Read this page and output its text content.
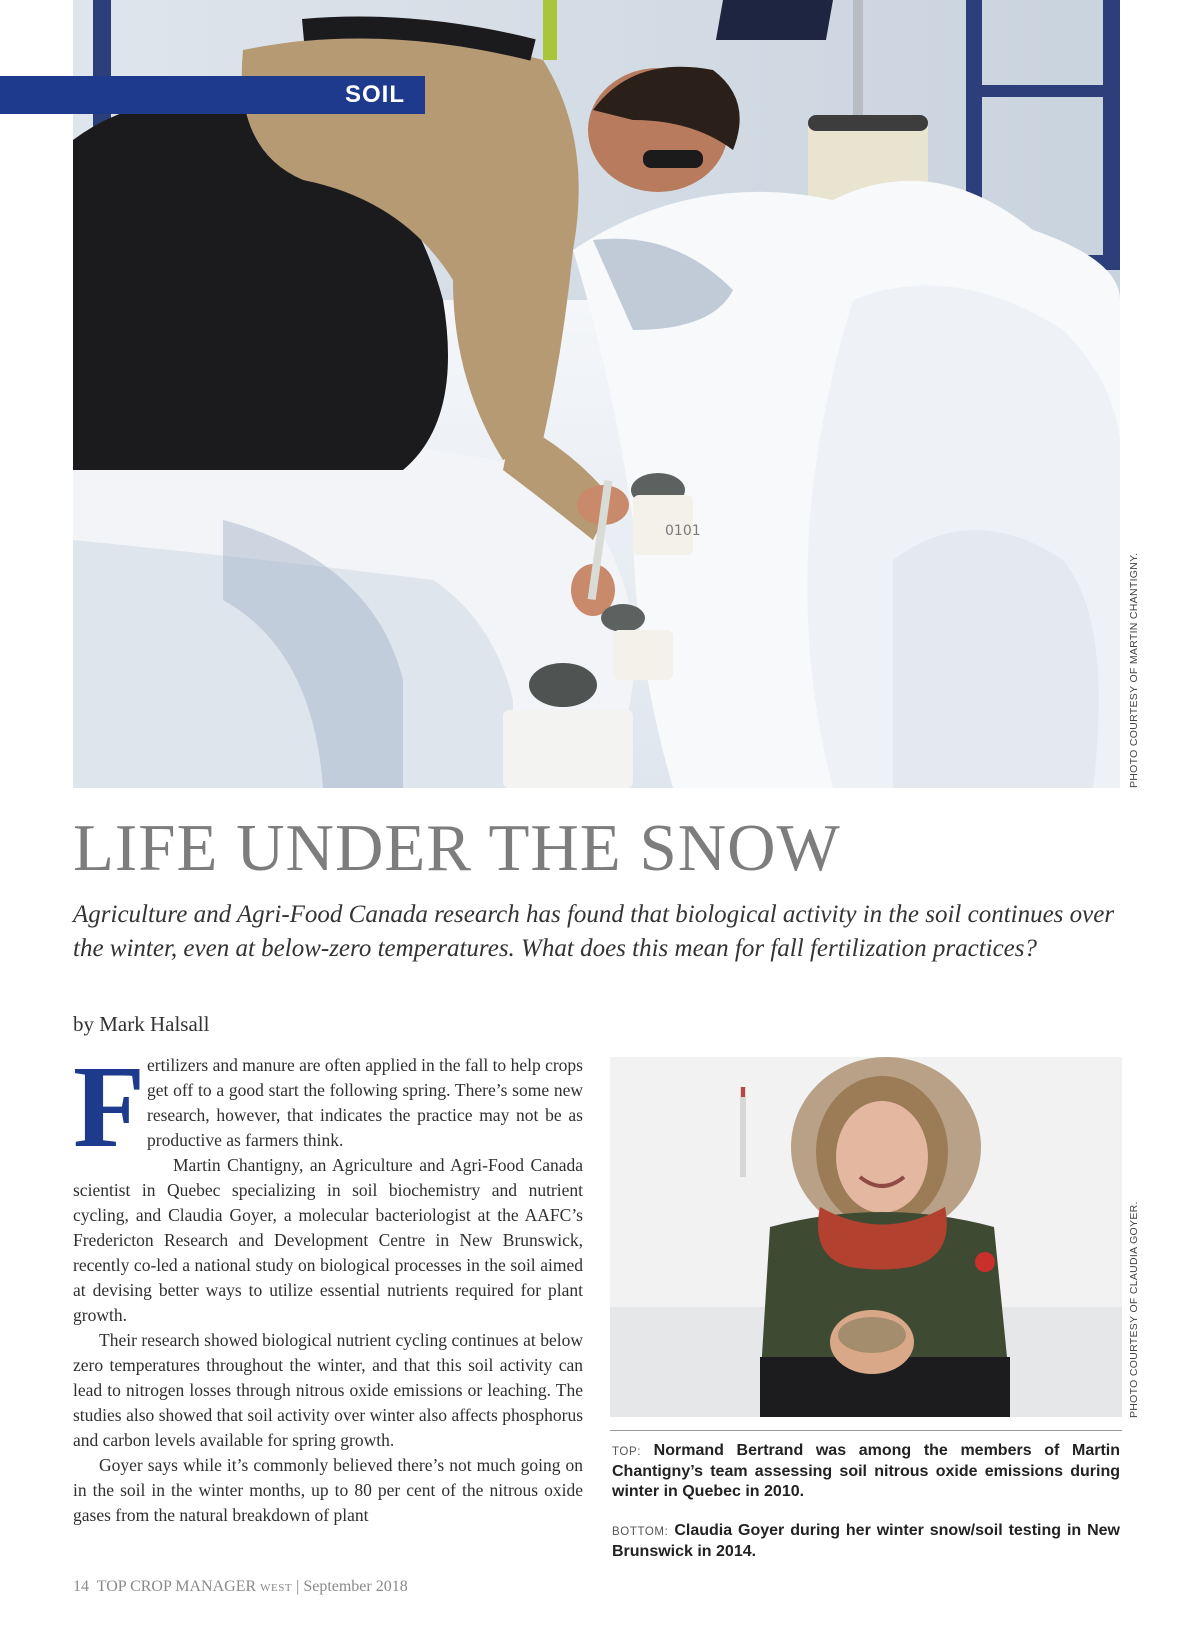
0101
SOIL
PHOTO COURTESY OF MARTIN CHANTIGNY.
LIFE UNDER THE SNOW

Agriculture and Agri-Food Canada research has found that biological activity in the soil continues over the winter, even at below-zero temperatures. What does this mean for fall fertilization practices?

by Mark Halsall
F ertilizers and manure are often applied in the fall to help crops get off to a good start the following spring. There’s some new research, however, that indicates the practice may not be as productive as farmers think.

Martin Chantigny, an Agriculture and Agri-Food Canada scientist in Quebec specializing in soil biochemistry and nutrient cycling, and Claudia Goyer, a molecular bacteriologist at the AAFC’s Fredericton Research and Development Centre in New Brunswick, recently co-led a national study on biological processes in the soil aimed at devising better ways to utilize essential nutrients required for plant growth.

Their research showed biological nutrient cycling continues at below zero temperatures throughout the winter, and that this soil activity can lead to nitrogen losses through nitrous oxide emissions or leaching. The studies also showed that soil activity over winter also affects phosphorus and carbon levels available for spring growth.

Goyer says while it’s commonly believed there’s not much going on in the soil in the winter months, up to 80 per cent of the nitrous oxide gases from the natural breakdown of plant

PHOTO COURTESY OF CLAUDIA GOYER.

TOP: Normand Bertrand was among the members of Martin Chantigny’s team assessing soil nitrous oxide emissions during winter in Quebec in 2010.

BOTTOM: Claudia Goyer during her winter snow/soil testing in New Brunswick in 2014.

14 TOP CROP MANAGER WEST | September 2018
